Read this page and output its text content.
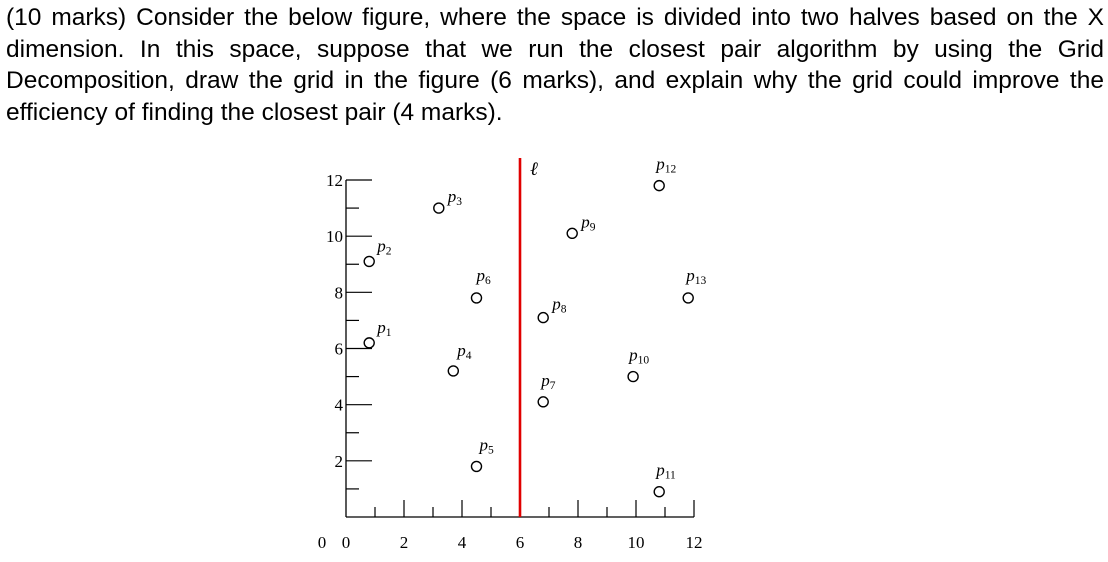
(10 marks) Consider the below figure, where the space is divided into two halves based on the X dimension. In this space, suppose that we run the closest pair algorithm by using the Grid Decomposition, draw the grid in the figure (6 marks), and explain why the grid could improve the efficiency of finding the closest pair (4 marks).

0	2	4	6	8	10 12
2
4
6
8
10
12
0
ℓ
p1
p2
p3
p4
p5
p6
p7
p8
p9
p10
p11
p12
p13
